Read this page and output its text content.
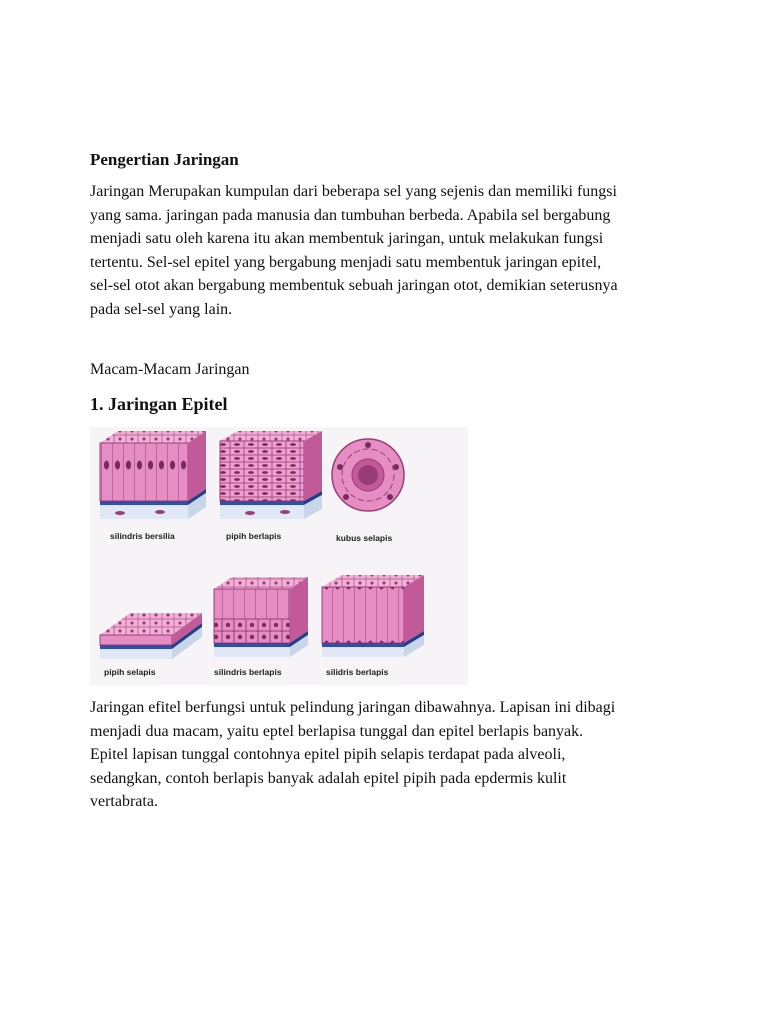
Pengertian Jaringan

Jaringan Merupakan kumpulan dari beberapa sel yang sejenis dan memiliki fungsi
yang sama. jaringan pada manusia dan tumbuhan berbeda. Apabila sel bergabung
menjadi satu oleh karena itu akan membentuk jaringan, untuk melakukan fungsi
tertentu. Sel-sel epitel yang bergabung menjadi satu membentuk jaringan epitel,
sel-sel otot akan bergabung membentuk sebuah jaringan otot, demikian seterusnya
pada sel-sel yang lain.

Macam-Macam Jaringan

1. Jaringan Epitel
silindris bersilia	pipih berlapis	kubus selapis
pipih selapis	silindris berlapis	silidris berlapis

Jaringan efitel berfungsi untuk pelindung jaringan dibawahnya. Lapisan ini dibagi
menjadi dua macam, yaitu eptel berlapisa tunggal dan epitel berlapis banyak.
Epitel lapisan tunggal contohnya epitel pipih selapis terdapat pada alveoli,
sedangkan, contoh berlapis banyak adalah epitel pipih pada epdermis kulit
vertabrata.
